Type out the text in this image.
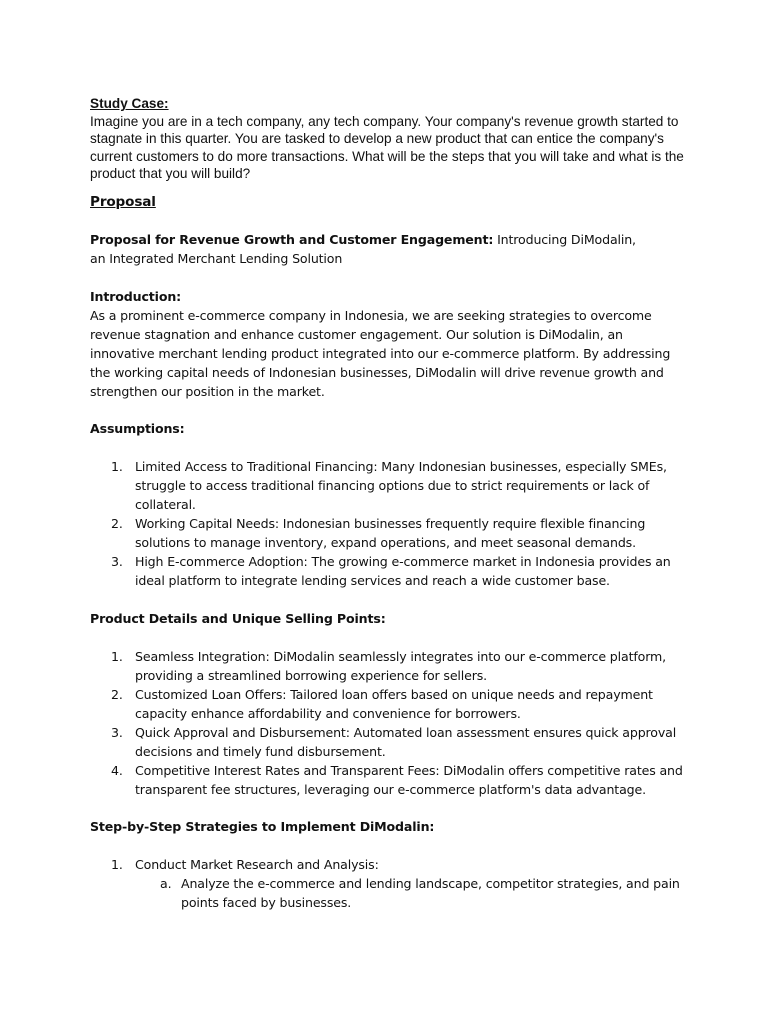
Study Case:
Imagine you are in a tech company, any tech company. Your company's revenue growth started to stagnate in this quarter. You are tasked to develop a new product that can entice the company's current customers to do more transactions. What will be the steps that you will take and what is the product that you will build?
Proposal
Proposal for Revenue Growth and Customer Engagement: Introducing DiModalin, an Integrated Merchant Lending Solution
Introduction:
As a prominent e-commerce company in Indonesia, we are seeking strategies to overcome revenue stagnation and enhance customer engagement. Our solution is DiModalin, an innovative merchant lending product integrated into our e-commerce platform. By addressing the working capital needs of Indonesian businesses, DiModalin will drive revenue growth and strengthen our position in the market.
Assumptions:
1. Limited Access to Traditional Financing: Many Indonesian businesses, especially SMEs, struggle to access traditional financing options due to strict requirements or lack of collateral.
2. Working Capital Needs: Indonesian businesses frequently require flexible financing solutions to manage inventory, expand operations, and meet seasonal demands.
3. High E-commerce Adoption: The growing e-commerce market in Indonesia provides an ideal platform to integrate lending services and reach a wide customer base.
Product Details and Unique Selling Points:
1. Seamless Integration: DiModalin seamlessly integrates into our e-commerce platform, providing a streamlined borrowing experience for sellers.
2. Customized Loan Offers: Tailored loan offers based on unique needs and repayment capacity enhance affordability and convenience for borrowers.
3. Quick Approval and Disbursement: Automated loan assessment ensures quick approval decisions and timely fund disbursement.
4. Competitive Interest Rates and Transparent Fees: DiModalin offers competitive rates and transparent fee structures, leveraging our e-commerce platform's data advantage.
Step-by-Step Strategies to Implement DiModalin:
1. Conduct Market Research and Analysis:
a. Analyze the e-commerce and lending landscape, competitor strategies, and pain points faced by businesses.
